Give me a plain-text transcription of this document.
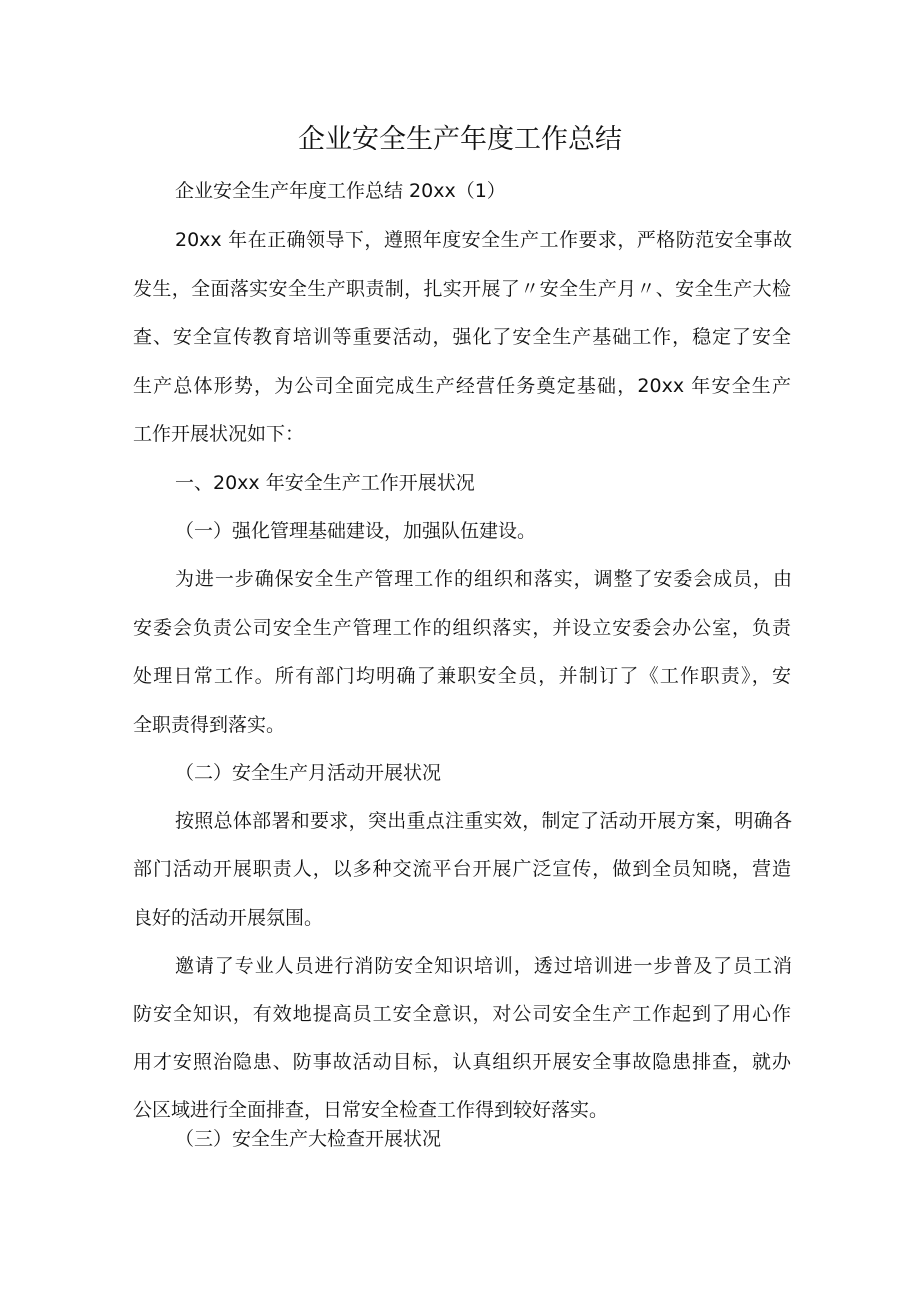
企业安全生产年度工作总结
企业安全生产年度工作总结 20xx（1）
20xx 年在正确领导下，遵照年度安全生产工作要求，严格防范安全事故
发生，全面落实安全生产职责制，扎实开展了〃安全生产月〃、安全生产大检
查、安全宣传教育培训等重要活动，强化了安全生产基础工作，稳定了安全
生产总体形势，为公司全面完成生产经营任务奠定基础，20xx 年安全生产
工作开展状况如下：
一、20xx 年安全生产工作开展状况
（一）强化管理基础建设，加强队伍建设。
为进一步确保安全生产管理工作的组织和落实，调整了安委会成员，由
安委会负责公司安全生产管理工作的组织落实，并设立安委会办公室，负责
处理日常工作。所有部门均明确了兼职安全员，并制订了《工作职责》，安
全职责得到落实。
（二）安全生产月活动开展状况
按照总体部署和要求，突出重点注重实效，制定了活动开展方案，明确各
部门活动开展职责人，以多种交流平台开展广泛宣传，做到全员知晓，营造
良好的活动开展氛围。
邀请了专业人员进行消防安全知识培训，透过培训进一步普及了员工消
防安全知识，有效地提高员工安全意识，对公司安全生产工作起到了用心作
用才安照治隐患、防事故活动目标，认真组织开展安全事故隐患排查，就办
公区域进行全面排查，日常安全检查工作得到较好落实。
（三）安全生产大检查开展状况
